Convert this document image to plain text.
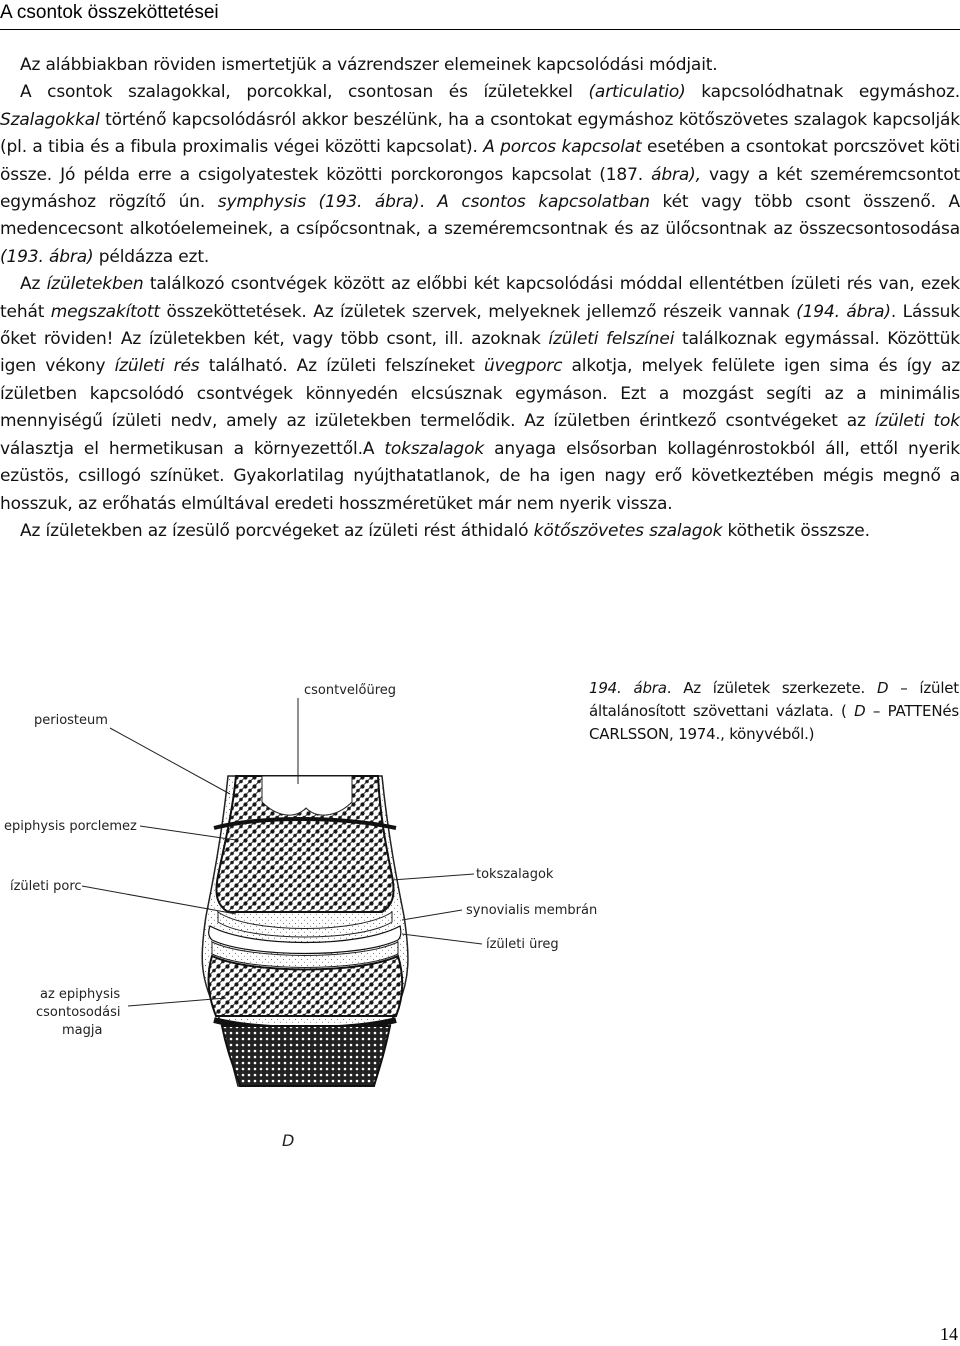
A csontok összeköttetései

Az alábbiakban röviden ismertetjük a vázrendszer elemeinek kapcsolódási módjait.

A csontok szalagokkal, porcokkal, csontosan és ízületekkel (articulatio) kapcsolódhatnak egymáshoz. Szalagokkal történő kapcsolódásról akkor beszélünk, ha a csontokat egymáshoz kötőszövetes szalagok kapcsolják (pl. a tibia és a fibula proximalis végei közötti kapcsolat). A porcos kapcsolat esetében a csontokat porcszövet köti össze. Jó példa erre a csigolyatestek közötti porckorongos kapcsolat (187. ábra), vagy a két szeméremcsontot egymáshoz rögzítő ún. symphysis (193. ábra). A csontos kapcsolatban két vagy több csont összenő. A medencecsont alkotóelemeinek, a csípőcsontnak, a szeméremcsontnak és az ülőcsontnak az összecsontosodása (193. ábra) példázza ezt.

Az ízületekben találkozó csontvégek között az előbbi két kapcsolódási móddal ellentétben ízületi rés van, ezek tehát megszakított összeköttetések. Az ízületek szervek, melyeknek jellemző részeik vannak (194. ábra). Lássuk őket röviden! Az ízületekben két, vagy több csont, ill. azoknak ízületi felszínei találkoznak egymással. Közöttük igen vékony ízületi rés található. Az ízületi felszíneket üvegporc alkotja, melyek felülete igen sima és így az ízületben kapcsolódó csontvégek könnyedén elcsúsznak egymáson. Ezt a mozgást segíti az a minimális mennyiségű ízületi nedv, amely az izületekben termelődik. Az ízületben érintkező csontvégeket az ízületi tok választja el hermetikusan a környezettől.A tokszalagok anyaga elsősorban kollagénrostokból áll, ettől nyerik ezüstös, csillogó színüket. Gyakorlatilag nyújthatatlanok, de ha igen nagy erő következtében mégis megnő a hosszuk, az erőhatás elmúltával eredeti hosszméretüket már nem nyerik vissza.

Az ízületekben az ízesülő porcvégeket az ízületi rést áthidaló kötőszövetes szalagok köthetik összsze.

194. ábra. Az ízületek szerkezete. D – ízület általánosított szövettani vázlata. ( D – PATTENés CARLSSON, 1974., könyvéből.)
csontvelőüreg
periosteum
epiphysis porclemez
ízületi porc
tokszalagok
synovialis membrán
ízületi üreg
az epiphysis
csontosodási
magja
D
14
